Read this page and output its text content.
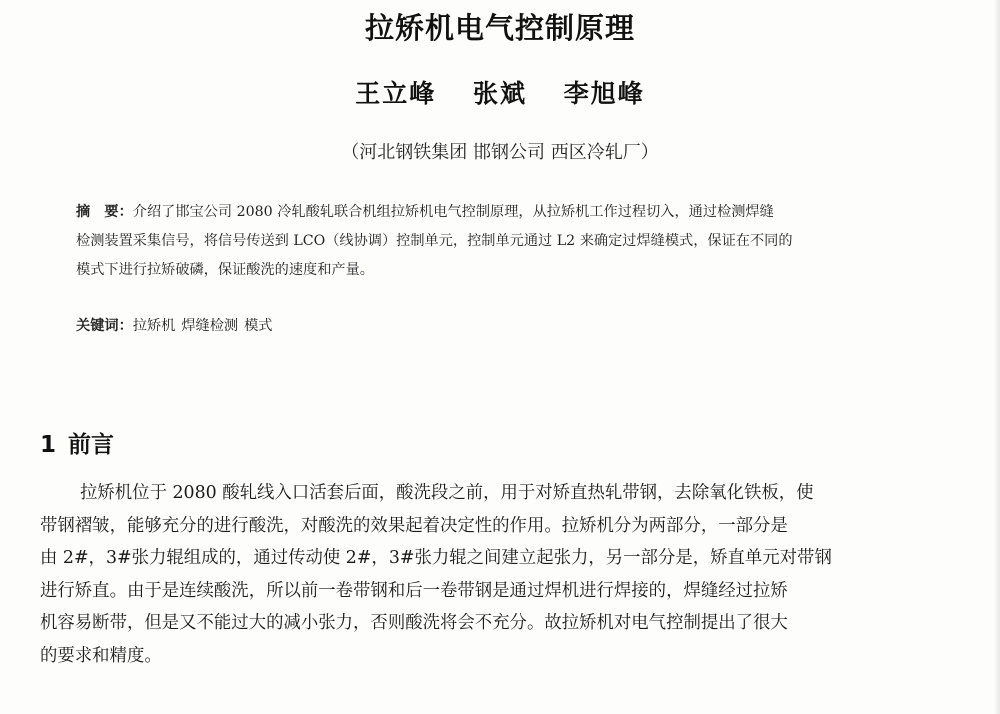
拉矫机电气控制原理
王立峰 张斌 李旭峰
（河北钢铁集团 邯钢公司 西区冷轧厂）
摘　要：介绍了邯宝公司 2080 冷轧酸轧联合机组拉矫机电气控制原理，从拉矫机工作过程切入，通过检测焊缝
检测装置采集信号，将信号传送到 LCO（线协调）控制单元，控制单元通过 L2 来确定过焊缝模式，保证在不同的
模式下进行拉矫破磷，保证酸洗的速度和产量。
关键词：拉矫机 焊缝检测 模式
1 前言
拉矫机位于 2080 酸轧线入口活套后面，酸洗段之前，用于对矫直热轧带钢，去除氧化铁板，使
带钢褶皱，能够充分的进行酸洗，对酸洗的效果起着决定性的作用。拉矫机分为两部分，一部分是
由 2#，3#张力辊组成的，通过传动使 2#，3#张力辊之间建立起张力，另一部分是，矫直单元对带钢
进行矫直。由于是连续酸洗，所以前一卷带钢和后一卷带钢是通过焊机进行焊接的，焊缝经过拉矫
机容易断带，但是又不能过大的减小张力，否则酸洗将会不充分。故拉矫机对电气控制提出了很大
的要求和精度。
